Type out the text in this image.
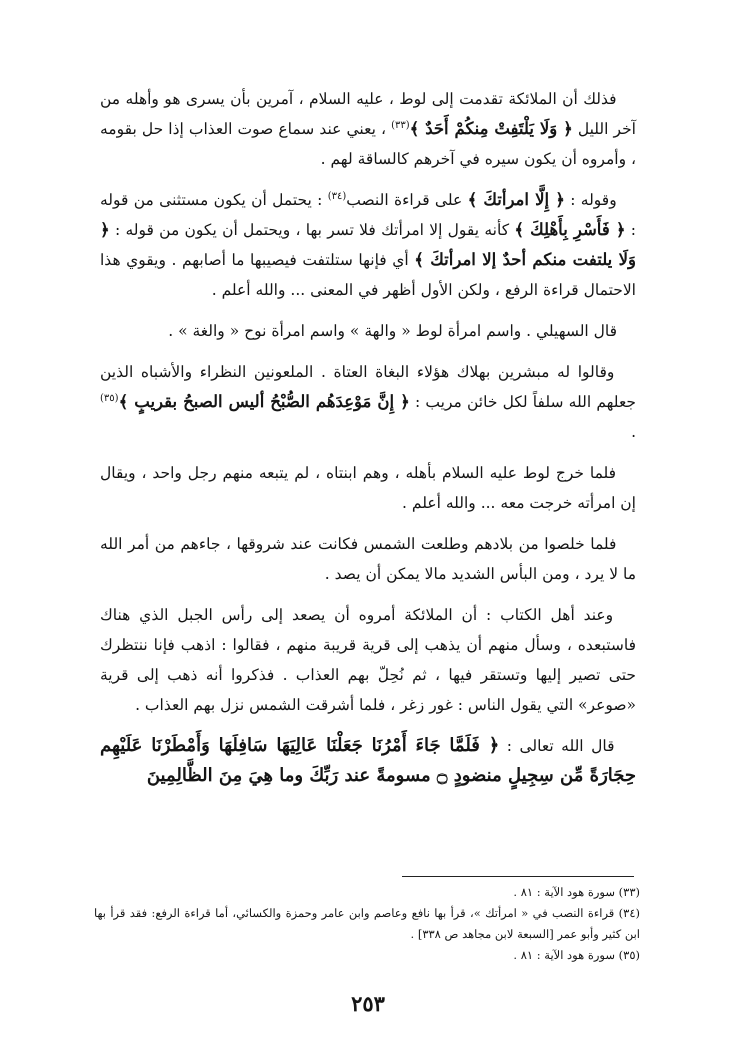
فذلك أن الملائكة تقدمت إلى لوط ، عليه السلام ، آمرين بأن يسرى هو وأهله من آخر الليل ﴿ وَلَا يَلْتَفِتْ مِنكُمْ أَحَدٌ ﴾$^{(٣٣)}$ ، يعني عند سماع صوت العذاب إذا حل بقومه ، وأمروه أن يكون سيره في آخرهم كالساقة لهم .

وقوله : ﴿ إِلَّا امرأتكَ ﴾ على قراءة النصب$^{(٣٤)}$ : يحتمل أن يكون مستثنى من قوله : ﴿ فَأَسْرِ بِأَهْلِكَ ﴾ كأنه يقول إلا امرأتك فلا تسر بها ، ويحتمل أن يكون من قوله : ﴿ وَلَا يلتفت منكم أحدٌ إلا امرأتكَ ﴾ أي فإنها ستلتفت فيصيبها ما أصابهم . ويقوي هذا الاحتمال قراءة الرفع ، ولكن الأول أظهر في المعنى ... والله أعلم .

قال السهيلي . واسم امرأة لوط « والهة » واسم امرأة نوح « والغة » .

وقالوا له مبشرين بهلاك هؤلاء البغاة العتاة . الملعونين النظراء والأشباه الذين جعلهم الله سلفاً لكل خائن مريب : ﴿ إِنَّ مَوْعِدَهُم الصُّبْحُ أليس الصبحُ بقريبٍ ﴾$^{(٣٥)}$ .

فلما خرج لوط عليه السلام بأهله ، وهم ابنتاه ، لم يتبعه منهم رجل واحد ، ويقال إن امرأته خرجت معه ... والله أعلم .

فلما خلصوا من بلادهم وطلعت الشمس فكانت عند شروقها ، جاءهم من أمر الله ما لا يرد ، ومن البأس الشديد مالا يمكن أن يصد .

وعند أهل الكتاب : أن الملائكة أمروه أن يصعد إلى رأس الجبل الذي هناك فاستبعده ، وسأل منهم أن يذهب إلى قرية قريبة منهم ، فقالوا : اذهب فإنا ننتظرك حتى تصير إليها وتستقر فيها ، ثم نُحِلّ بهم العذاب . فذكروا أنه ذهب إلى قرية «صوعر» التي يقول الناس : غور زغر ، فلما أشرقت الشمس نزل بهم العذاب .

قال الله تعالى : ﴿ فَلَمَّا جَاءَ أَمْرُنَا جَعَلْنَا عَالِيَهَا سَافِلَهَا وَأَمْطَرْنَا عَلَيْهِم حِجَارَةً مِّن سِجِيلٍ منضودٍ ۝ مسومةً عند رَبِّكَ وما هِيَ مِنَ الظَّالِمِينَ

(٣٣) سورة هود الآية : ٨١ .

(٣٤) قراءة النصب في « امرأتك »، قرأ بها نافع وعاصم وابن عامر وحمزة والكسائي، أما قراءة الرفع: فقد قرأ بها ابن كثير وأبو عمر [السبعة لابن مجاهد ص ٣٣٨] .

(٣٥) سورة هود الآية : ٨١ .

٢٥٣
